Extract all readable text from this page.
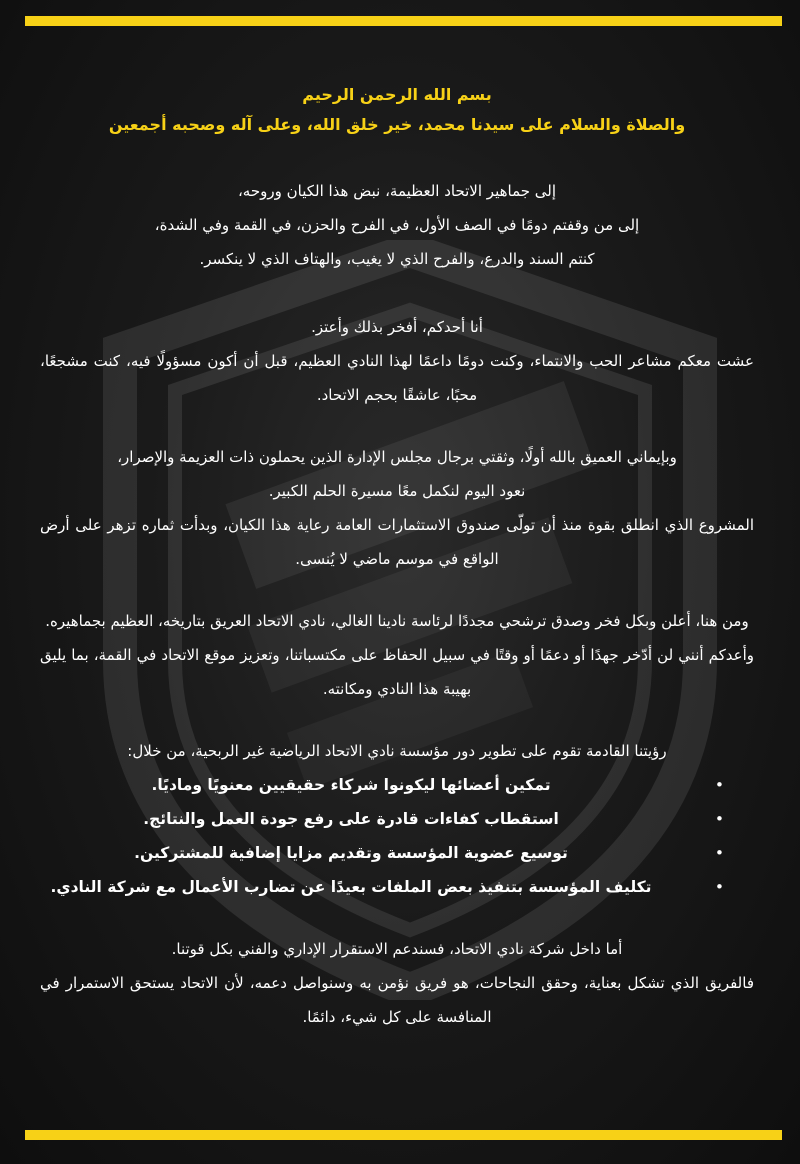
بسم الله الرحمن الرحيم

والصلاة والسلام على سيدنا محمد، خير خلق الله، وعلى آله وصحبه أجمعين

إلى جماهير الاتحاد العظيمة، نبض هذا الكيان وروحه،

إلى من وقفتم دومًا في الصف الأول، في الفرح والحزن، في القمة وفي الشدة،

كنتم السند والدرع، والفرح الذي لا يغيب، والهتاف الذي لا ينكسر.

أنا أحدكم، أفخر بذلك وأعتز.

عشت معكم مشاعر الحب والانتماء، وكنت دومًا داعمًا لهذا النادي العظيم، قبل أن أكون مسؤولًا فيه، كنت مشجعًا، محبًا، عاشقًا بحجم الاتحاد.

وبإيماني العميق بالله أولًا، وثقتي برجال مجلس الإدارة الذين يحملون ذات العزيمة والإصرار،

نعود اليوم لنكمل معًا مسيرة الحلم الكبير.

المشروع الذي انطلق بقوة منذ أن تولّى صندوق الاستثمارات العامة رعاية هذا الكيان، وبدأت ثماره تزهر على أرض الواقع في موسم ماضي لا يُنسى.

ومن هنا، أعلن وبكل فخر وصدق ترشحي مجددًا لرئاسة نادينا الغالي، نادي الاتحاد العريق بتاريخه، العظيم بجماهيره.

وأعدكم أنني لن أدّخر جهدًا أو دعمًا أو وقتًا في سبيل الحفاظ على مكتسباتنا، وتعزيز موقع الاتحاد في القمة، بما يليق بهيبة هذا النادي ومكانته.

رؤيتنا القادمة تقوم على تطوير دور مؤسسة نادي الاتحاد الرياضية غير الربحية، من خلال:

•
تمكين أعضائها ليكونوا شركاء حقيقيين معنويًا وماديًا.
•
استقطاب كفاءات قادرة على رفع جودة العمل والنتائج.
•
توسيع عضوية المؤسسة وتقديم مزايا إضافية للمشتركين.
•
تكليف المؤسسة بتنفيذ بعض الملفات بعيدًا عن تضارب الأعمال مع شركة النادي.

أما داخل شركة نادي الاتحاد، فسندعم الاستقرار الإداري والفني بكل قوتنا.

فالفريق الذي تشكل بعناية، وحقق النجاحات، هو فريق نؤمن به وسنواصل دعمه، لأن الاتحاد يستحق الاستمرار في المنافسة على كل شيء، دائمًا.
